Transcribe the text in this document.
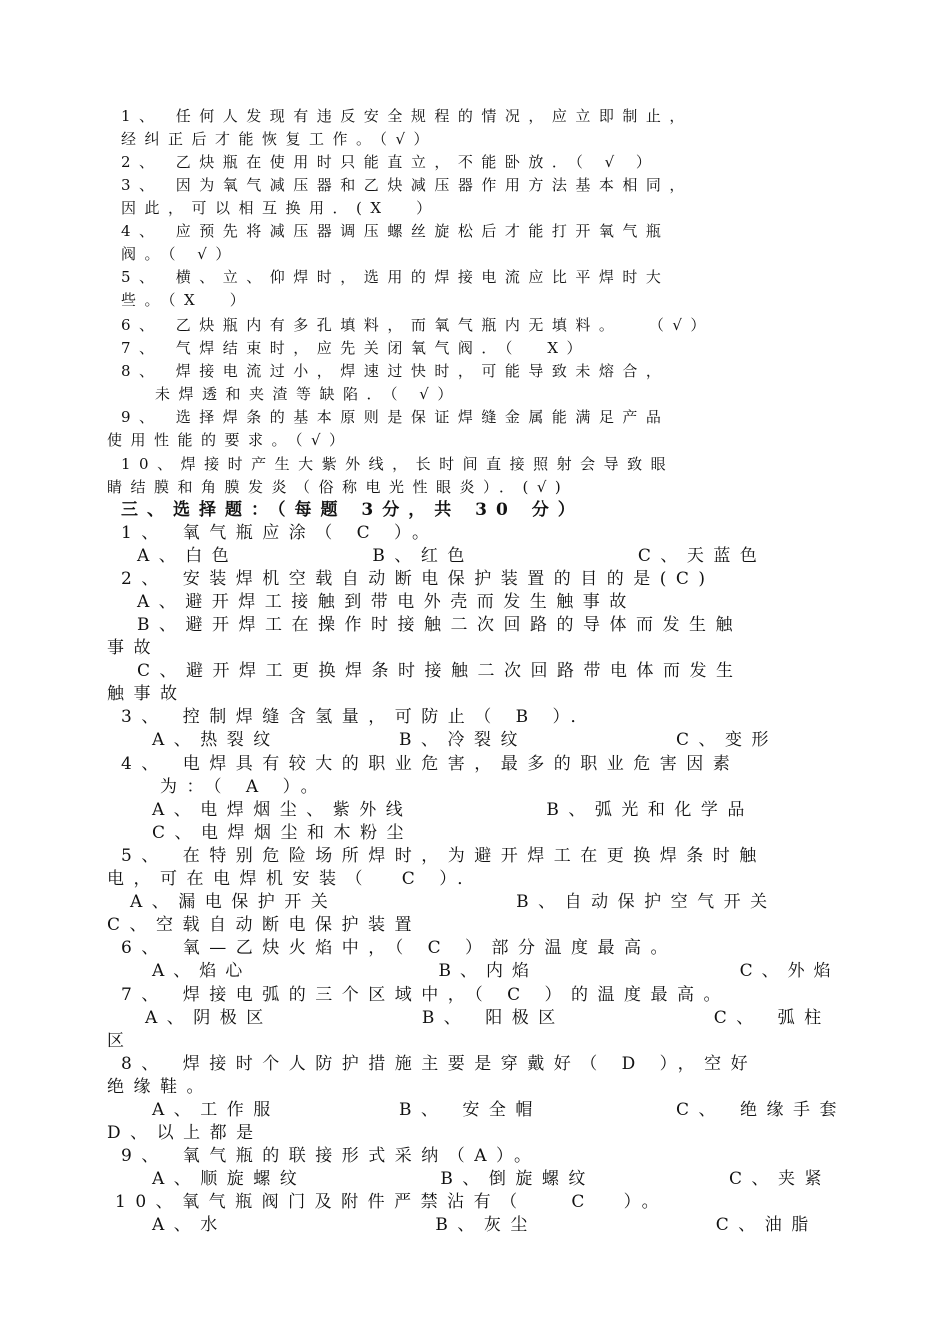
1、 任何人发现有违反安全规程的情况，应立即制止，
经纠正后才能恢复工作。（√）
2、 乙炔瓶在使用时只能直立，不能卧放．（ √ ）
3、 因为氧气减压器和乙炔减压器作用方法基本相同，
因此，可以相互换用．(X  ）
4、 应预先将减压器调压螺丝旋松后才能打开氧气瓶
阀。（ √）
5、 横、立、仰焊时，选用的焊接电流应比平焊时大
些。（X  ）
6、 乙炔瓶内有多孔填料，而氧气瓶内无填料。  （√）
7、 气焊结束时，应先关闭氧气阀．（  X）
8、 焊接电流过小，焊速过快时，可能导致未熔合，
未焊透和夹渣等缺陷．（ √）
9、 选择焊条的基本原则是保证焊缝金属能满足产品
使用性能的要求。（√）
10、焊接时产生大紫外线，长时间直接照射会导致眼
睛结膜和角膜发炎（俗称电光性眼炎）．(√)
三、选择题：（每题 3分，共 30 分）
1、 氧气瓶应涂（ C ）。
A、白色         B、红色           C、天蓝色
2、 安装焊机空载自动断电保护装置的目的是(C)
A、避开焊工接触到带电外壳而发生触事故
B、避开焊工在操作时接触二次回路的导体而发生触
事故
C、避开焊工更换焊条时接触二次回路带电体而发生
触事故
3、 控制焊缝含氢量，可防止（ B ）．
A、热裂纹        B、冷裂纹          C、变形
4、 电焊具有较大的职业危害，最多的职业危害因素
为：（ A ）。
A、电焊烟尘、紫外线         B、弧光和化学品
C、电焊烟尘和木粉尘
5、 在特别危险场所焊时，为避开焊工在更换焊条时触
电，可在电焊机安装（  C ）．
A、漏电保护开关            B、自动保护空气开关
C、空载自动断电保护装置
6、 氧—乙炔火焰中，（ C ）部分温度最高。
A、焰心             B、内焰              C、外焰
7、 焊接电弧的三个区域中，（ C ）的温度最高。
A、阴极区          B、 阳极区          C、 弧柱
区
8、 焊接时个人防护措施主要是穿戴好（ D ），空好
绝缘鞋。
A、工作服        B、 安全帽         C、 绝缘手套
D、以上都是
9、 氧气瓶的联接形式采纳（A）。
A、顺旋螺纹         B、倒旋螺纹         C、夹紧
10、氧气瓶阀门及附件严禁沾有（   C  ）。
A、水              B、灰尘            C、油脂
